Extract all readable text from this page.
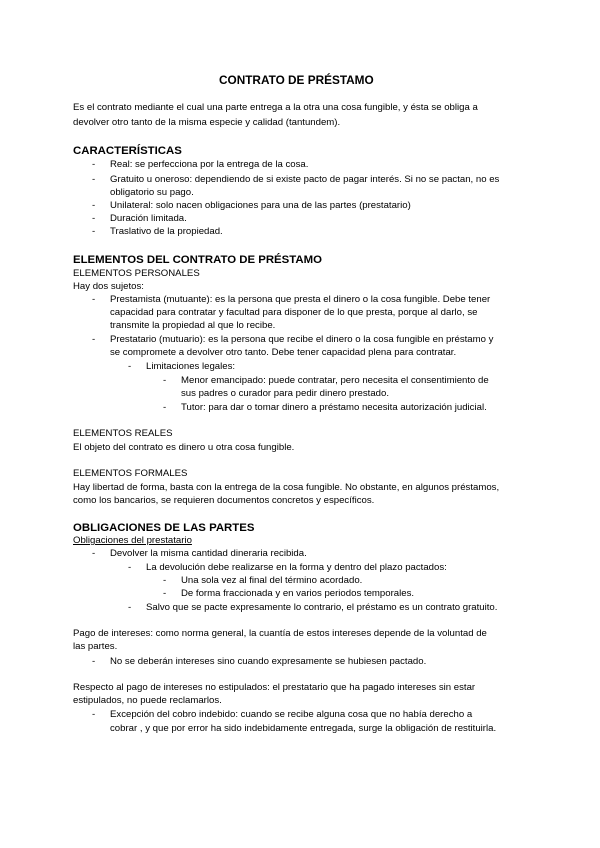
CONTRATO DE PRÉSTAMO
Es el contrato mediante el cual una parte entrega a la otra una cosa fungible, y ésta se obliga a
devolver otro tanto de la misma especie y calidad (tantundem).
CARACTERÍSTICAS
- Real: se perfecciona por la entrega de la cosa.
- Gratuito u oneroso: dependiendo de si existe pacto de pagar interés. Si no se pactan, no es
obligatorio su pago.
- Unilateral: solo nacen obligaciones para una de las partes (prestatario)
- Duración limitada.
- Traslativo de la propiedad.
ELEMENTOS DEL CONTRATO DE PRÉSTAMO
ELEMENTOS PERSONALES
Hay dos sujetos:
- Prestamista (mutuante): es la persona que presta el dinero o la cosa fungible. Debe tener
capacidad para contratar y facultad para disponer de lo que presta, porque al darlo, se
transmite la propiedad al que lo recibe.
- Prestatario (mutuario): es la persona que recibe el dinero o la cosa fungible en préstamo y
se compromete a devolver otro tanto. Debe tener capacidad plena para contratar.
- Limitaciones legales:
- Menor emancipado: puede contratar, pero necesita el consentimiento de
sus padres o curador para pedir dinero prestado.
- Tutor: para dar o tomar dinero a préstamo necesita autorización judicial.
ELEMENTOS REALES
El objeto del contrato es dinero u otra cosa fungible.
ELEMENTOS FORMALES
Hay libertad de forma, basta con la entrega de la cosa fungible. No obstante, en algunos préstamos,
como los bancarios, se requieren documentos concretos y específicos.
OBLIGACIONES DE LAS PARTES
Obligaciones del prestatario
- Devolver la misma cantidad dineraria recibida.
- La devolución debe realizarse en la forma y dentro del plazo pactados:
- Una sola vez al final del término acordado.
- De forma fraccionada y en varios periodos temporales.
- Salvo que se pacte expresamente lo contrario, el préstamo es un contrato gratuito.
Pago de intereses: como norma general, la cuantía de estos intereses depende de la voluntad de
las partes.
- No se deberán intereses sino cuando expresamente se hubiesen pactado.
Respecto al pago de intereses no estipulados: el prestatario que ha pagado intereses sin estar
estipulados, no puede reclamarlos.
- Excepción del cobro indebido: cuando se recibe alguna cosa que no había derecho a
cobrar , y que por error ha sido indebidamente entregada, surge la obligación de restituirla.
